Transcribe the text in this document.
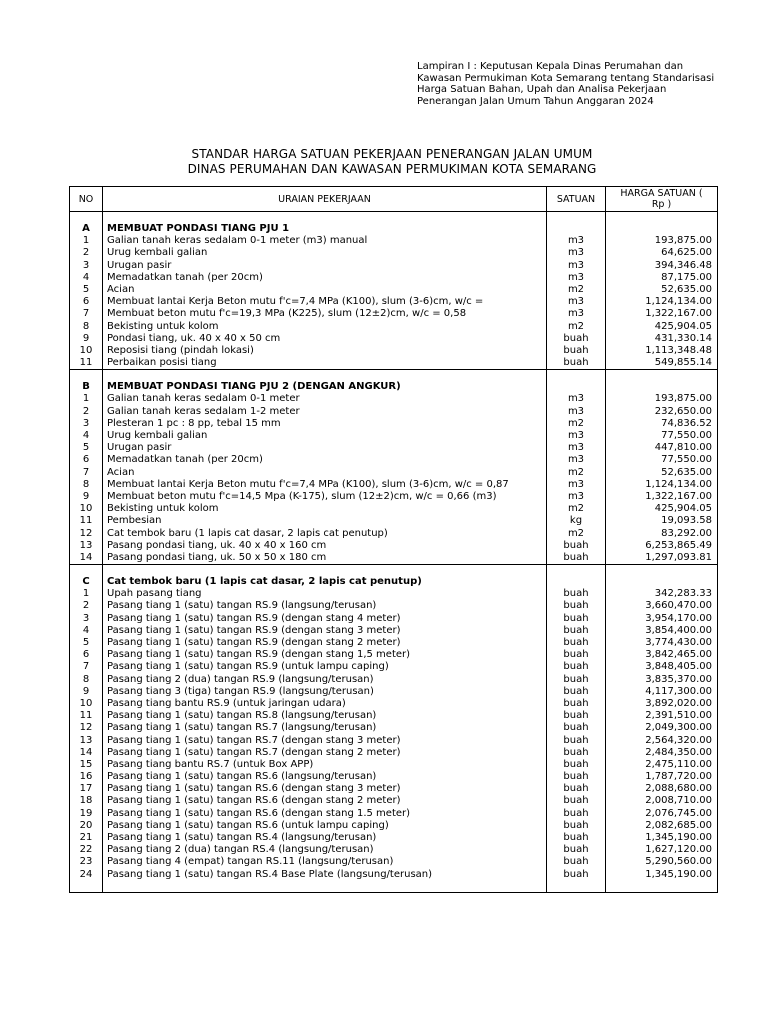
Lampiran I : Keputusan Kepala Dinas Perumahan dan Kawasan Permukiman Kota Semarang tentang Standarisasi Harga Satuan Bahan, Upah dan Analisa Pekerjaan Penerangan Jalan Umum Tahun Anggaran 2024
STANDAR HARGA SATUAN PEKERJAAN PENERANGAN JALAN UMUM
DINAS PERUMAHAN DAN KAWASAN PERMUKIMAN KOTA SEMARANG
NO	URAIAN PEKERJAAN	SATUAN	HARGA SATUAN ( Rp )

A	MEMBUAT PONDASI TIANG PJU 1		
1	Galian tanah keras sedalam 0-1 meter (m3) manual	m3	193,875.00
2	Urug kembali galian	m3	64,625.00
3	Urugan pasir	m3	394,346.48
4	Memadatkan tanah (per 20cm)	m3	87,175.00
5	Acian	m2	52,635.00
6	Membuat lantai Kerja Beton mutu f'c=7,4 MPa (K100), slum (3-6)cm, w/c =	m3	1,124,134.00
7	Membuat beton mutu f'c=19,3 MPa (K225), slum (12±2)cm, w/c = 0,58	m3	1,322,167.00
8	Bekisting untuk kolom	m2	425,904.05
9	Pondasi tiang, uk. 40 x 40 x 50 cm	buah	431,330.14
10	Reposisi tiang (pindah lokasi)	buah	1,113,348.48
11	Perbaikan posisi tiang	buah	549,855.14

B	MEMBUAT PONDASI TIANG PJU 2 (DENGAN ANGKUR)		
1	Galian tanah keras sedalam 0-1 meter	m3	193,875.00
2	Galian tanah keras sedalam 1-2 meter	m3	232,650.00
3	Plesteran 1 pc : 8 pp, tebal 15 mm	m2	74,836.52
4	Urug kembali galian	m3	77,550.00
5	Urugan pasir	m3	447,810.00
6	Memadatkan tanah (per 20cm)	m3	77,550.00
7	Acian	m2	52,635.00
8	Membuat lantai Kerja Beton mutu f'c=7,4 MPa (K100), slum (3-6)cm, w/c = 0,87	m3	1,124,134.00
9	Membuat beton mutu f'c=14,5 Mpa (K-175), slum (12±2)cm, w/c = 0,66 (m3)	m3	1,322,167.00
10	Bekisting untuk kolom	m2	425,904.05
11	Pembesian	kg	19,093.58
12	Cat tembok baru (1 lapis cat dasar, 2 lapis cat penutup)	m2	83,292.00
13	Pasang pondasi tiang, uk. 40 x 40 x 160 cm	buah	6,253,865.49
14	Pasang pondasi tiang, uk. 50 x 50 x 180 cm	buah	1,297,093.81

C	Cat tembok baru (1 lapis cat dasar, 2 lapis cat penutup)		
1	Upah pasang tiang	buah	342,283.33
2	Pasang tiang 1 (satu) tangan RS.9 (langsung/terusan)	buah	3,660,470.00
3	Pasang tiang 1 (satu) tangan RS.9 (dengan stang 4 meter)	buah	3,954,170.00
4	Pasang tiang 1 (satu) tangan RS.9 (dengan stang 3 meter)	buah	3,854,400.00
5	Pasang tiang 1 (satu) tangan RS.9 (dengan stang 2 meter)	buah	3,774,430.00
6	Pasang tiang 1 (satu) tangan RS.9 (dengan stang 1,5 meter)	buah	3,842,465.00
7	Pasang tiang 1 (satu) tangan RS.9 (untuk lampu caping)	buah	3,848,405.00
8	Pasang tiang 2 (dua) tangan RS.9 (langsung/terusan)	buah	3,835,370.00
9	Pasang tiang 3 (tiga) tangan RS.9 (langsung/terusan)	buah	4,117,300.00
10	Pasang tiang bantu RS.9 (untuk jaringan udara)	buah	3,892,020.00
11	Pasang tiang 1 (satu) tangan RS.8 (langsung/terusan)	buah	2,391,510.00
12	Pasang tiang 1 (satu) tangan RS.7 (langsung/terusan)	buah	2,049,300.00
13	Pasang tiang 1 (satu) tangan RS.7 (dengan stang 3 meter)	buah	2,564,320.00
14	Pasang tiang 1 (satu) tangan RS.7 (dengan stang 2 meter)	buah	2,484,350.00
15	Pasang tiang bantu RS.7 (untuk Box APP)	buah	2,475,110.00
16	Pasang tiang 1 (satu) tangan RS.6 (langsung/terusan)	buah	1,787,720.00
17	Pasang tiang 1 (satu) tangan RS.6 (dengan stang 3 meter)	buah	2,088,680.00
18	Pasang tiang 1 (satu) tangan RS.6 (dengan stang 2 meter)	buah	2,008,710.00
19	Pasang tiang 1 (satu) tangan RS.6 (dengan stang 1.5 meter)	buah	2,076,745.00
20	Pasang tiang 1 (satu) tangan RS.6 (untuk lampu caping)	buah	2,082,685.00
21	Pasang tiang 1 (satu) tangan RS.4 (langsung/terusan)	buah	1,345,190.00
22	Pasang tiang 2 (dua) tangan RS.4 (langsung/terusan)	buah	1,627,120.00
23	Pasang tiang 4 (empat) tangan RS.11 (langsung/terusan)	buah	5,290,560.00
24	Pasang tiang 1 (satu) tangan RS.4 Base Plate (langsung/terusan)	buah	1,345,190.00
